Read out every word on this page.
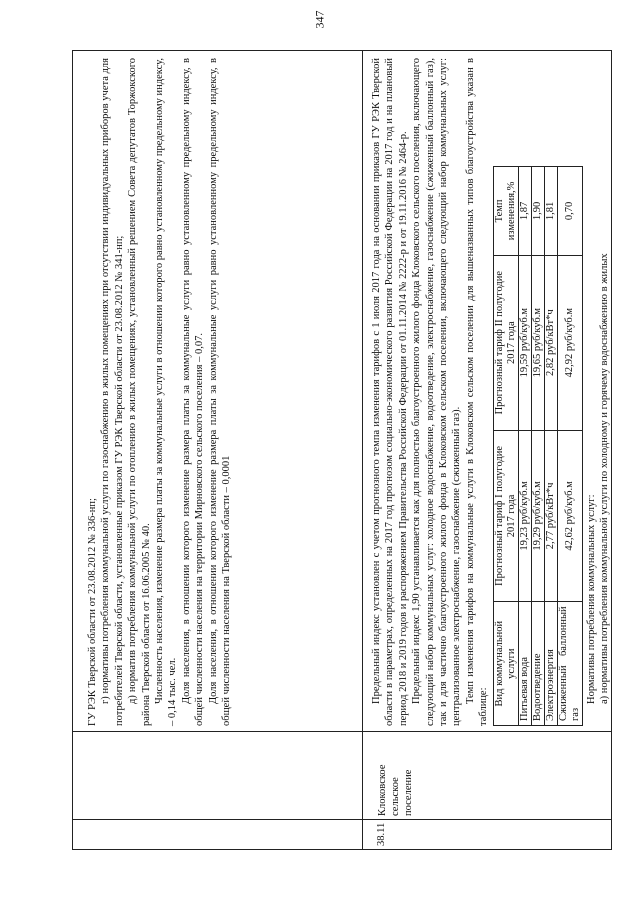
347

ГУ РЭК Тверской области от 23.08.2012 № 336-нп; г) нормативы потребления коммунальной услуги по газоснабжению в жилых помещениях при отсутствии индивидуальных приборов учета для потребителей Тверской области, установленные приказом ГУ РЭК Тверской области от 23.08.2012 № 341-нп; д) норматив потребления коммунальной услуги по отоплению в жилых помещениях, установленный решением Совета депутатов Торжокского района Тверской области от 16.06.2005 № 40. Численность населения, изменение размера платы за коммунальные услуги в отношении которого равно установленному предельному индексу, – 0,14 тыс. чел. Доля населения, в отношении которого изменение размера платы за коммунальные услуги равно установленному предельному индексу, в общей численности населения на территории Мирновского сельского поселения – 0,07. Доля населения, в отношении которого изменение размера платы за коммунальные услуги равно установленному предельному индексу, в общей численности населения на Тверской области – 0,0001

38.11
Клоковское сельское поселение

Предельный индекс установлен с учетом прогнозного темпа изменения тарифов с 1 июля 2017 года на основании приказов ГУ РЭК Тверской области в параметрах, определенных на 2017 год прогнозом социально-экономического развития Российской Федерации на 2017 год и на плановый период 2018 и 2019 годов и распоряжением Правительства Российской Федерации от 01.11.2014 № 2222-р и от 19.11.2016 № 2464-р. Предельный индекс 1,90 устанавливается как для полностью благоустроенного жилого фонда Клоковского сельского поселения, включающего следующий набор коммунальных услуг: холодное водоснабжение, водоотведение, электроснабжение, газоснабжение (сжиженный баллонный газ), так и для частично благоустроенного жилого фонда в Клоковском сельском поселении, включающего следующий набор коммунальных услуг: централизованное электроснабжение, газоснабжение (сжиженный газ). Темп изменения тарифов на коммунальные услуги в Клоковском сельском поселении для вышеназванных типов благоустройства указан в таблице:

Вид коммунальной услуги	Прогнозный тариф I полугодие 2017 года	Прогнозный тариф II полугодие 2017 года	Темп изменения,%
Питьевая вода	19,23 руб/куб.м	19,59 руб/куб.м	1,87
Водоотведение	19,29 руб/куб.м	19,65 руб/куб.м	1,90
Электроэнергия	2,77 руб/кВт*ч	2,82 руб/кВт*ч	1,81
Сжиженный баллонный газ	42,62 руб/куб.м	42,92 руб/куб.м	0,70

Нормативы потребления коммунальных услуг: а) нормативы потребления коммунальной услуги по холодному и горячему водоснабжению в жилых
